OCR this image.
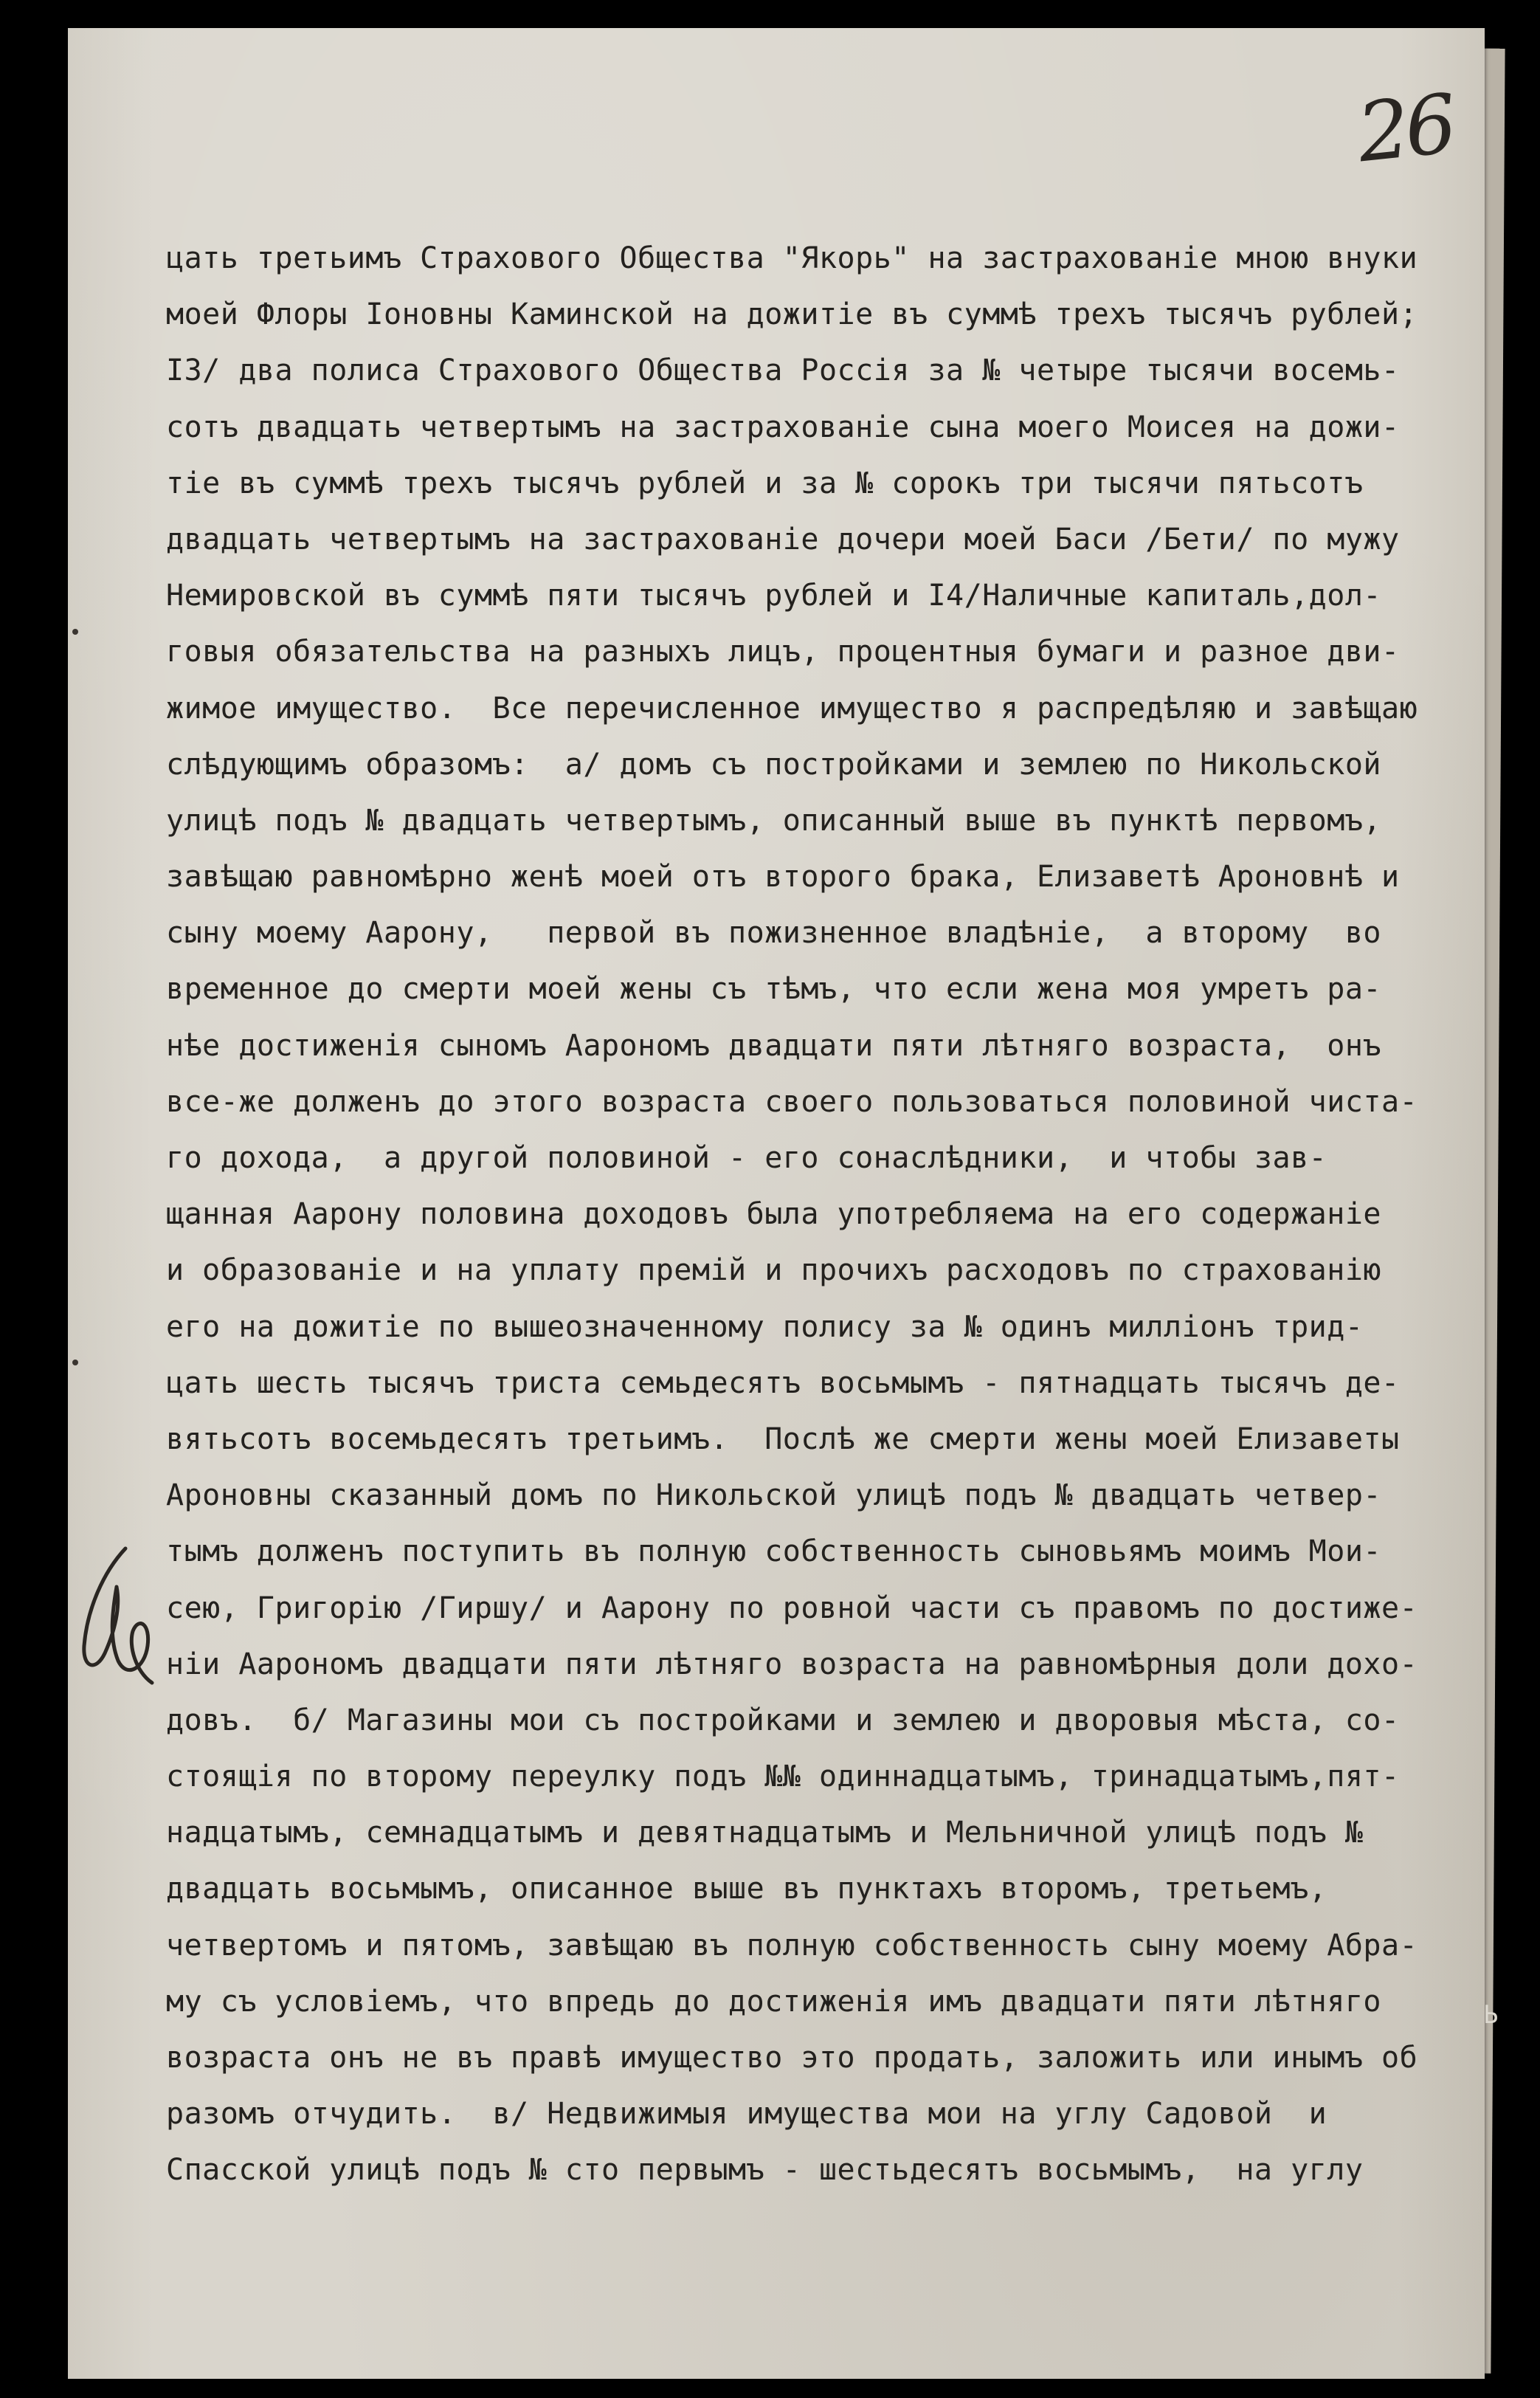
26
цать третьимъ Страхового Общества "Якорь" на застрахованiе мною внуки
моей Флоры Iоновны Каминской на дожитiе въ суммѣ трехъ тысячъ рублей;
I3/ два полиса Страхового Общества Россiя за № четыре тысячи восемь-
сотъ двадцать четвертымъ на застрахованiе сына моего Моисея на дожи-
тiе въ суммѣ трехъ тысячъ рублей и за № сорокъ три тысячи пятьсотъ
двадцать четвертымъ на застрахованiе дочери моей Баси /Бети/ по мужу
Немировской въ суммѣ пяти тысячъ рублей и I4/Наличные капиталь,дол-
говыя обязательства на разныхъ лицъ, процентныя бумаги и разное дви-
жимое имущество.  Все перечисленное имущество я распредѣляю и завѣщаю
слѣдующимъ образомъ:  а/ домъ съ постройками и землею по Никольской
улицѣ подъ № двадцать четвертымъ, описанный выше въ пунктѣ первомъ,
завѣщаю равномѣрно женѣ моей отъ второго брака, Елизаветѣ Ароновнѣ и
сыну моему Аарону,   первой въ пожизненное владѣнiе,  а второму  во
временное до смерти моей жены съ тѣмъ, что если жена моя умретъ ра-
нѣе достиженiя сыномъ Аарономъ двадцати пяти лѣтняго возраста,  онъ
все-же долженъ до этого возраста своего пользоваться половиной чиста-
го дохода,  а другой половиной - его сонаслѣдники,  и чтобы зав-
щанная Аарону половина доходовъ была употребляема на его содержанiе
и образованiе и на уплату премiй и прочихъ расходовъ по страхованiю
его на дожитiе по вышеозначенному полису за № одинъ миллiонъ трид-
цать шесть тысячъ триста семьдесятъ восьмымъ - пятнадцать тысячъ де-
вятьсотъ восемьдесятъ третьимъ.  Послѣ же смерти жены моей Елизаветы
Ароновны сказанный домъ по Никольской улицѣ подъ № двадцать четвер-
тымъ долженъ поступить въ полную собственность сыновьямъ моимъ Мои-
сею, Григорiю /Гиршу/ и Аарону по ровной части съ правомъ по достиже-
нiи Аарономъ двадцати пяти лѣтняго возраста на равномѣрныя доли дохо-
довъ.  б/ Магазины мои съ постройками и землею и дворовыя мѣста, со-
стоящiя по второму переулку подъ №№ одиннадцатымъ, тринадцатымъ,пят-
надцатымъ, семнадцатымъ и девятнадцатымъ и Мельничной улицѣ подъ №
двадцать восьмымъ, описанное выше въ пунктахъ второмъ, третьемъ,
четвертомъ и пятомъ, завѣщаю въ полную собственность сыну моему Абра-
му съ условiемъ, что впредь до достиженiя имъ двадцати пяти лѣтняго
возраста онъ не въ правѣ имущество это продать, заложить или инымъ об
разомъ отчудить.  в/ Недвижимыя имущества мои на углу Садовой  и
Спасской улицѣ подъ № сто первымъ - шестьдесятъ восьмымъ,  на углу
Ь
